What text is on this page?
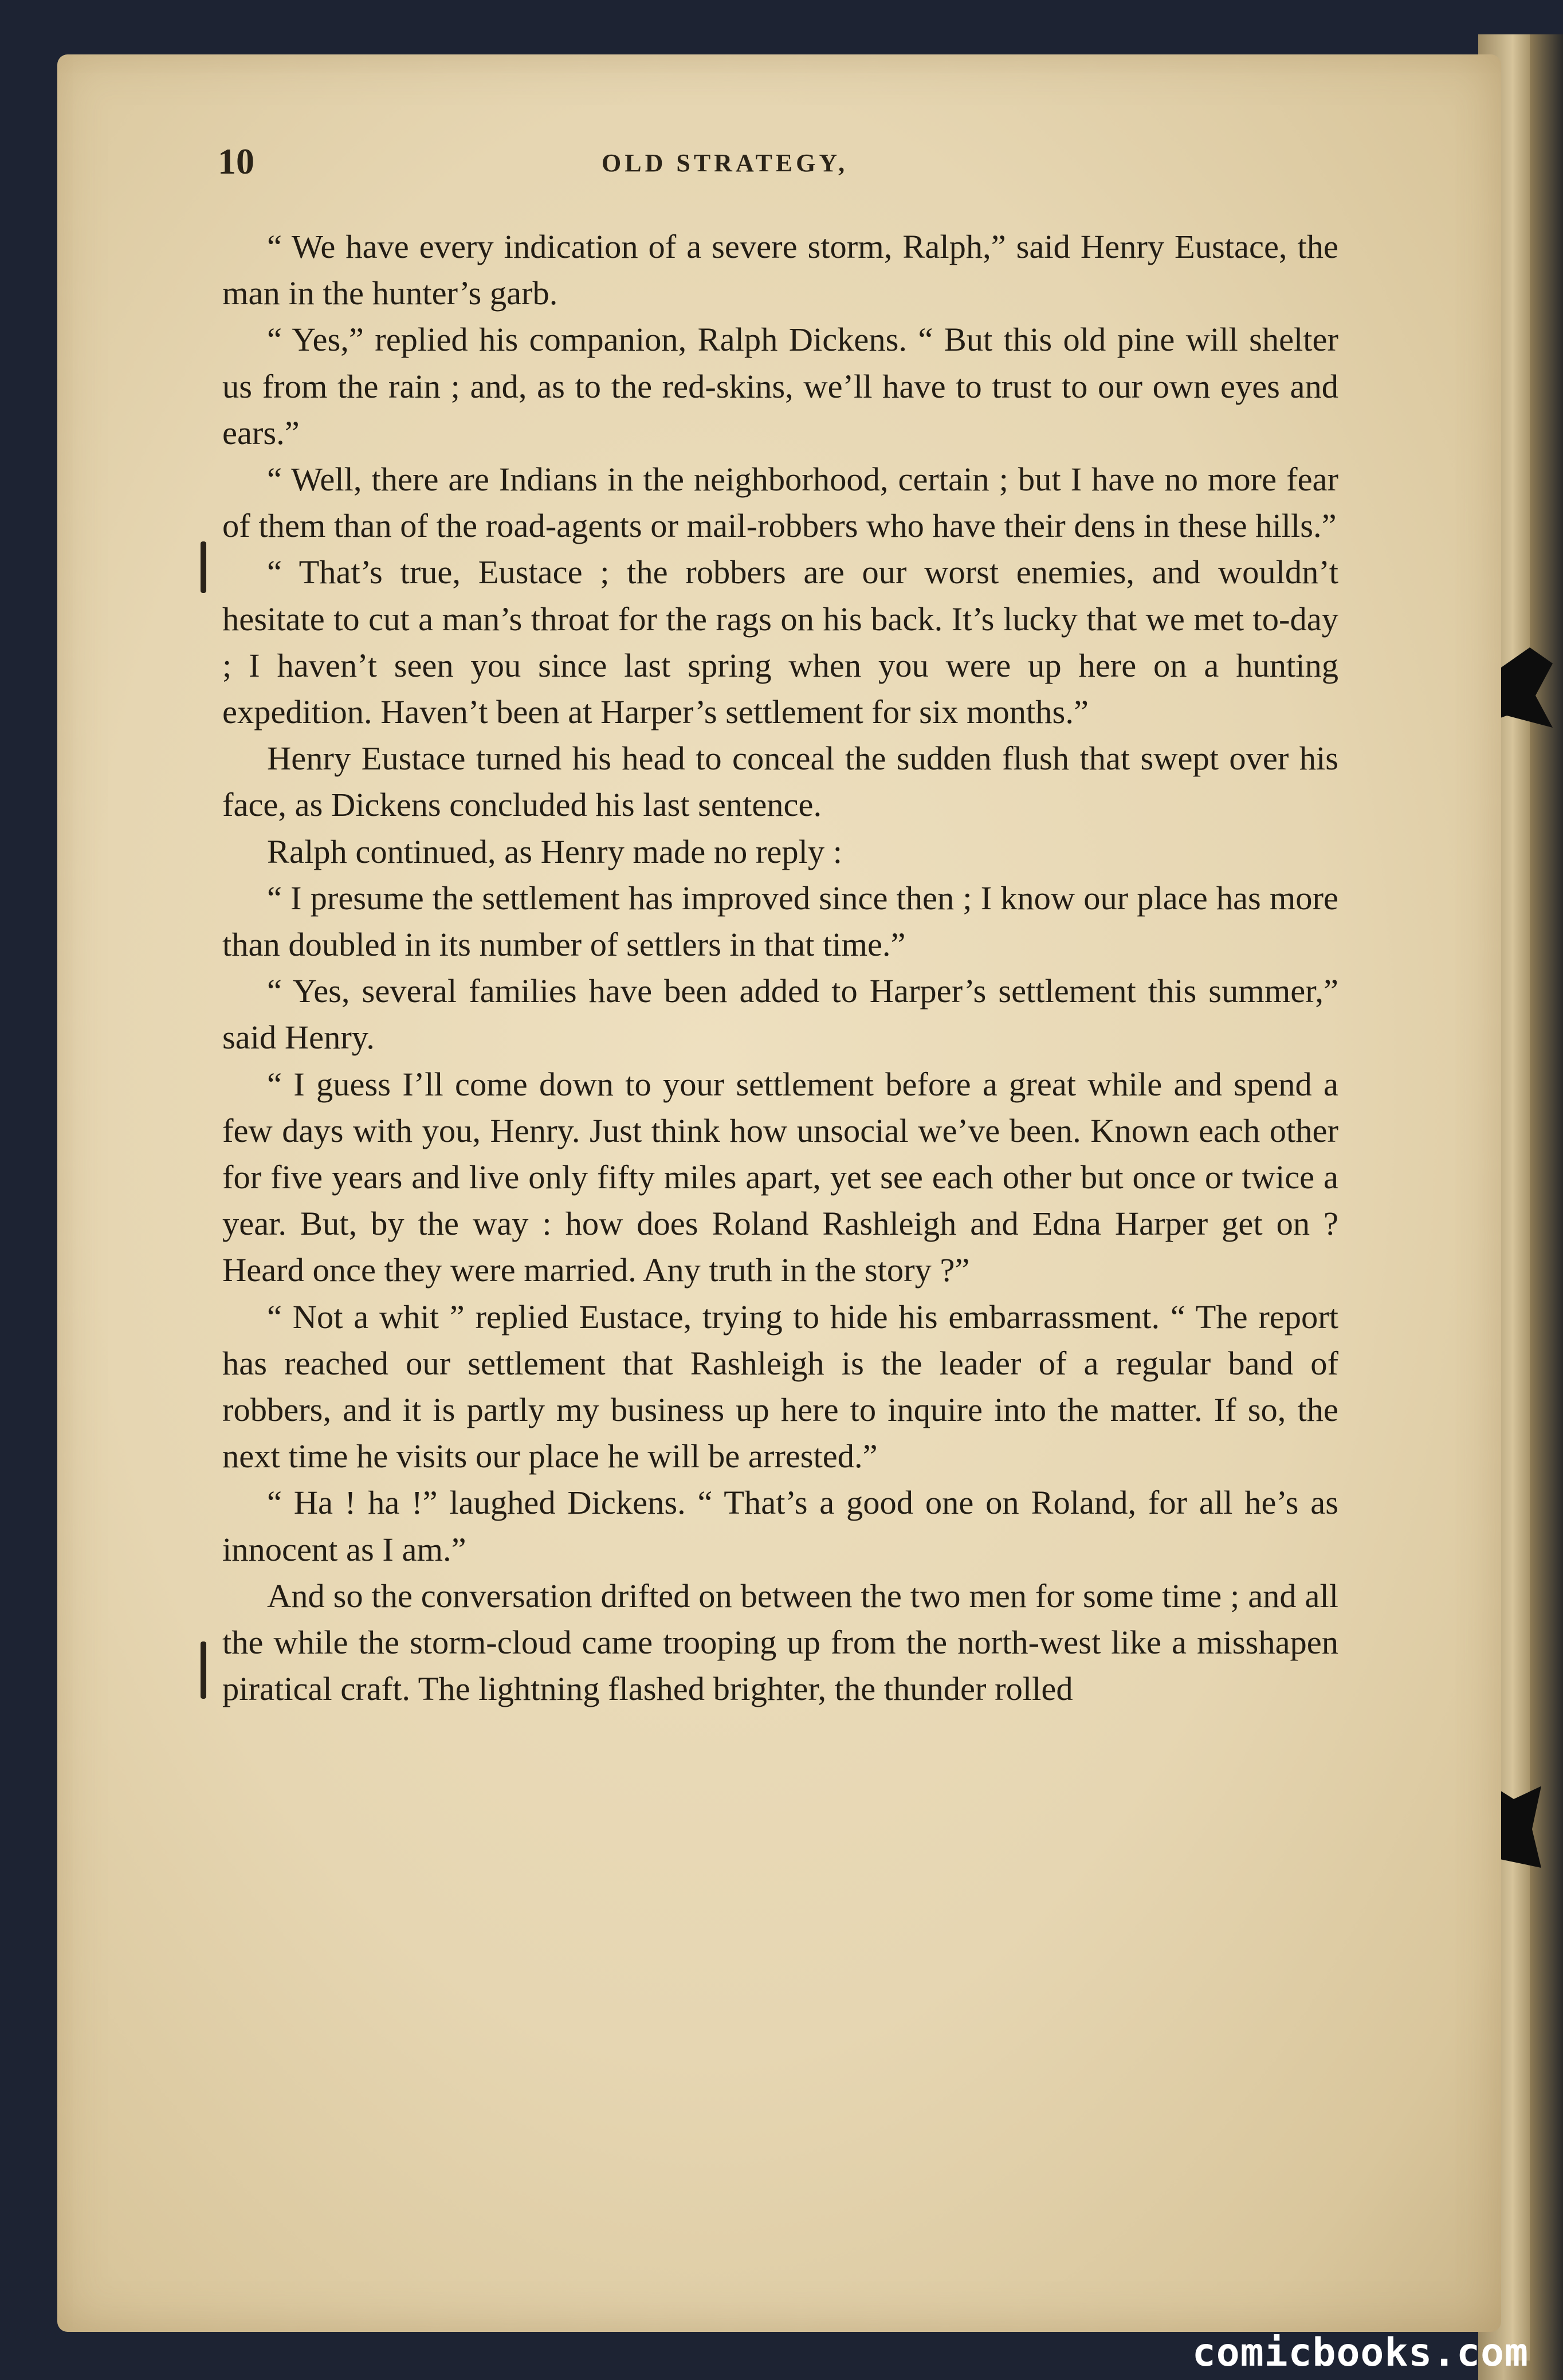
10	OLD STRATEGY,

“ We have every indication of a severe storm, Ralph,” said Henry Eustace, the man in the hunter’s garb.

“ Yes,” replied his companion, Ralph Dickens. “ But this old pine will shelter us from the rain ; and, as to the red-skins, we’ll have to trust to our own eyes and ears.”

“ Well, there are Indians in the neighborhood, certain ; but I have no more fear of them than of the road-agents or mail-robbers who have their dens in these hills.”

“ That’s true, Eustace ; the robbers are our worst enemies, and wouldn’t hesitate to cut a man’s throat for the rags on his back. It’s lucky that we met to-day ; I haven’t seen you since last spring when you were up here on a hunting expedition. Haven’t been at Harper’s settlement for six months.”

Henry Eustace turned his head to conceal the sudden flush that swept over his face, as Dickens concluded his last sentence.

Ralph continued, as Henry made no reply :

“ I presume the settlement has improved since then ; I know our place has more than doubled in its number of settlers in that time.”

“ Yes, several families have been added to Harper’s settlement this summer,” said Henry.

“ I guess I’ll come down to your settlement before a great while and spend a few days with you, Henry. Just think how unsocial we’ve been. Known each other for five years and live only fifty miles apart, yet see each other but once or twice a year. But, by the way : how does Roland Rashleigh and Edna Harper get on ? Heard once they were married. Any truth in the story ?”

“ Not a whit ” replied Eustace, trying to hide his embarrassment. “ The report has reached our settlement that Rashleigh is the leader of a regular band of robbers, and it is partly my business up here to inquire into the matter. If so, the next time he visits our place he will be arrested.”

“ Ha ! ha !” laughed Dickens. “ That’s a good one on Roland, for all he’s as innocent as I am.”

And so the conversation drifted on between the two men for some time ; and all the while the storm-cloud came trooping up from the north-west like a misshapen piratical craft. The lightning flashed brighter, the thunder rolled

comicbooks.com
